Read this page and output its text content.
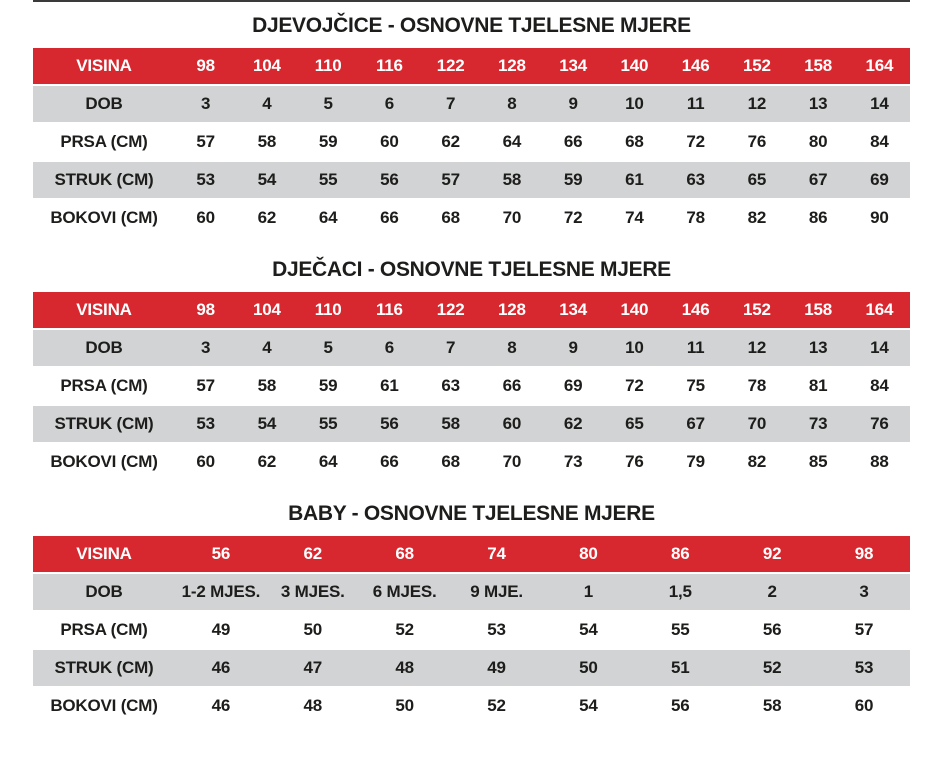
DJEVOJČICE - OSNOVNE TJELESNE MJERE
VISINA	98	104	110	116	122	128	134	140	146	152	158	164
DOB	3	4	5	6	7	8	9	10	11	12	13	14
PRSA (CM)	57	58	59	60	62	64	66	68	72	76	80	84
STRUK (CM)	53	54	55	56	57	58	59	61	63	65	67	69
BOKOVI (CM)	60	62	64	66	68	70	72	74	78	82	86	90
DJEČACI - OSNOVNE TJELESNE MJERE
VISINA	98	104	110	116	122	128	134	140	146	152	158	164
DOB	3	4	5	6	7	8	9	10	11	12	13	14
PRSA (CM)	57	58	59	61	63	66	69	72	75	78	81	84
STRUK (CM)	53	54	55	56	58	60	62	65	67	70	73	76
BOKOVI (CM)	60	62	64	66	68	70	73	76	79	82	85	88
BABY - OSNOVNE TJELESNE MJERE
VISINA	56	62	68	74	80	86	92	98
DOB	1-2 MJES.	3 MJES.	6 MJES.	9 MJE.	1	1,5	2	3
PRSA (CM)	49	50	52	53	54	55	56	57
STRUK (CM)	46	47	48	49	50	51	52	53
BOKOVI (CM)	46	48	50	52	54	56	58	60
